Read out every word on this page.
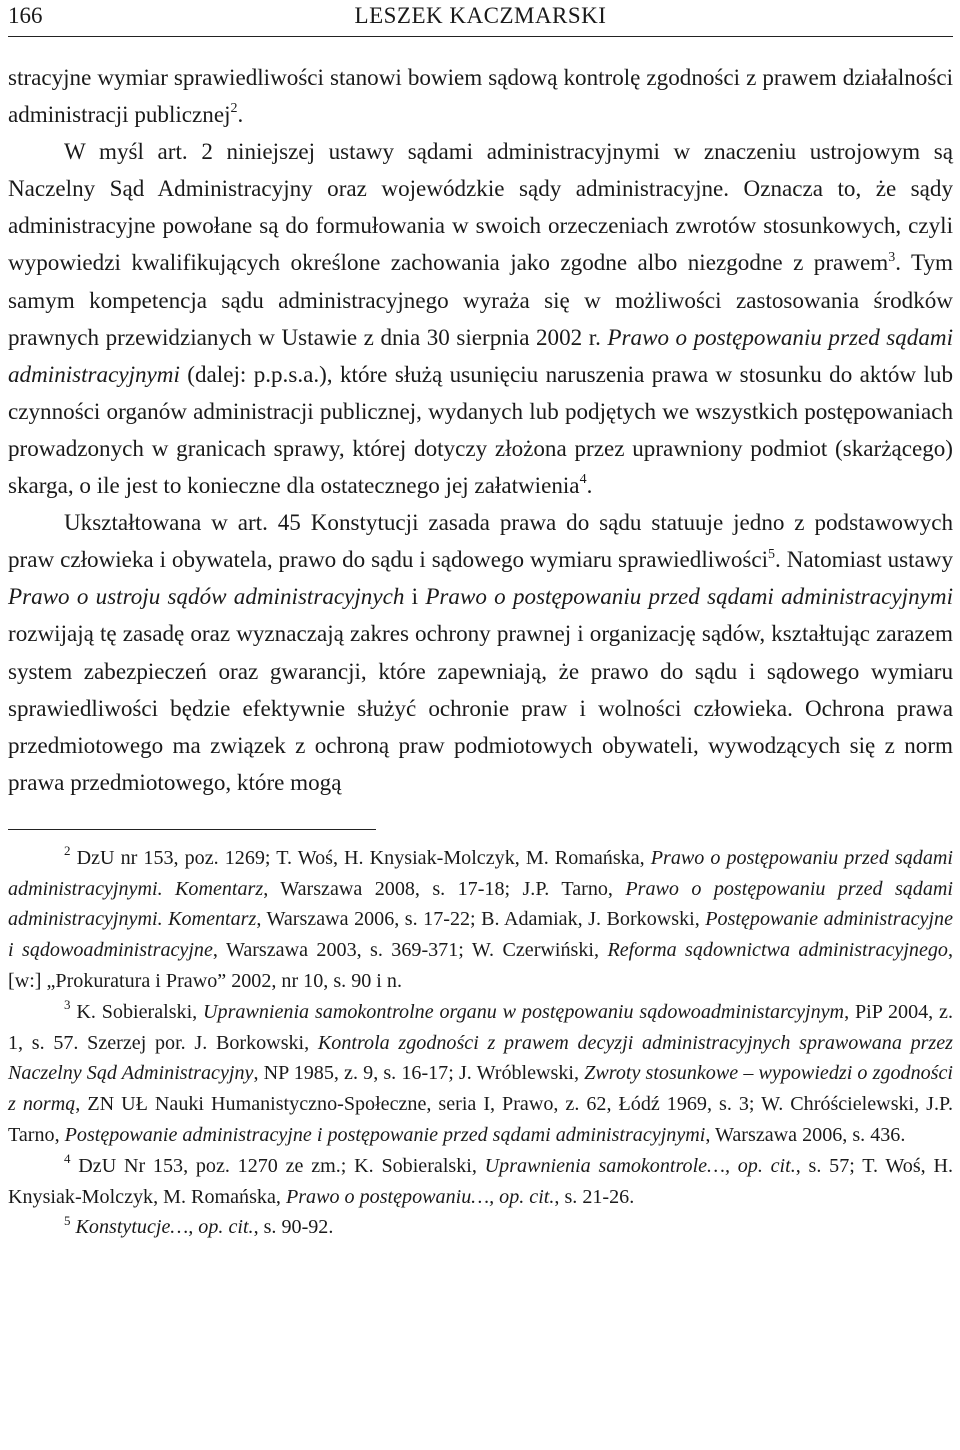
166	LESZEK KACZMARSKI

stracyjne wymiar sprawiedliwości stanowi bowiem sądową kontrolę zgodności z prawem działalności administracji publicznej$^2$.

W myśl art. 2 niniejszej ustawy sądami administracyjnymi w znaczeniu ustrojowym są Naczelny Sąd Administracyjny oraz wojewódzkie sądy administracyjne. Oznacza to, że sądy administracyjne powołane są do formułowania w swoich orzeczeniach zwrotów stosunkowych, czyli wypowiedzi kwalifikujących określone zachowania jako zgodne albo niezgodne z prawem$^3$. Tym samym kompetencja sądu administracyjnego wyraża się w możliwości zastosowania środków prawnych przewidzianych w Ustawie z dnia 30 sierpnia 2002 r. Prawo o postępowaniu przed sądami administracyjnymi (dalej: p.p.s.a.), które służą usunięciu naruszenia prawa w stosunku do aktów lub czynności organów administracji publicznej, wydanych lub podjętych we wszystkich postępowaniach prowadzonych w granicach sprawy, której dotyczy złożona przez uprawniony podmiot (skarżącego) skarga, o ile jest to konieczne dla ostatecznego jej załatwienia$^4$.

Ukształtowana w art. 45 Konstytucji zasada prawa do sądu statuuje jedno z podstawowych praw człowieka i obywatela, prawo do sądu i sądowego wymiaru sprawiedliwości$^5$. Natomiast ustawy Prawo o ustroju sądów administracyjnych i Prawo o postępowaniu przed sądami administracyjnymi rozwijają tę zasadę oraz wyznaczają zakres ochrony prawnej i organizację sądów, kształtując zarazem system zabezpieczeń oraz gwarancji, które zapewniają, że prawo do sądu i sądowego wymiaru sprawiedliwości będzie efektywnie służyć ochronie praw i wolności człowieka. Ochrona prawa przedmiotowego ma związek z ochroną praw podmiotowych obywateli, wywodzących się z norm prawa przedmiotowego, które mogą

$^2$ DzU nr 153, poz. 1269; T. Woś, H. Knysiak-Molczyk, M. Romańska, Prawo o postępowaniu przed sądami administracyjnymi. Komentarz, Warszawa 2008, s. 17-18; J.P. Tarno, Prawo o postępowaniu przed sądami administracyjnymi. Komentarz, Warszawa 2006, s. 17-22; B. Adamiak, J. Borkowski, Postępowanie administracyjne i sądowoadministracyjne, Warszawa 2003, s. 369-371; W. Czerwiński, Reforma sądownictwa administracyjnego, [w:] „Prokuratura i Prawo” 2002, nr 10, s. 90 i n.

$^3$ K. Sobieralski, Uprawnienia samokontrolne organu w postępowaniu sądowoadministarcyjnym, PiP 2004, z. 1, s. 57. Szerzej por. J. Borkowski, Kontrola zgodności z prawem decyzji administracyjnych sprawowana przez Naczelny Sąd Administracyjny, NP 1985, z. 9, s. 16-17; J. Wróblewski, Zwroty stosunkowe – wypowiedzi o zgodności z normą, ZN UŁ Nauki Humanistyczno-Społeczne, seria I, Prawo, z. 62, Łódź 1969, s. 3; W. Chróścielewski, J.P. Tarno, Postępowanie administracyjne i postępowanie przed sądami administracyjnymi, Warszawa 2006, s. 436.

$^4$ DzU Nr 153, poz. 1270 ze zm.; K. Sobieralski, Uprawnienia samokontrole…, op. cit., s. 57; T. Woś, H. Knysiak-Molczyk, M. Romańska, Prawo o postępowaniu…, op. cit., s. 21-26.

$^5$ Konstytucje…, op. cit., s. 90-92.
